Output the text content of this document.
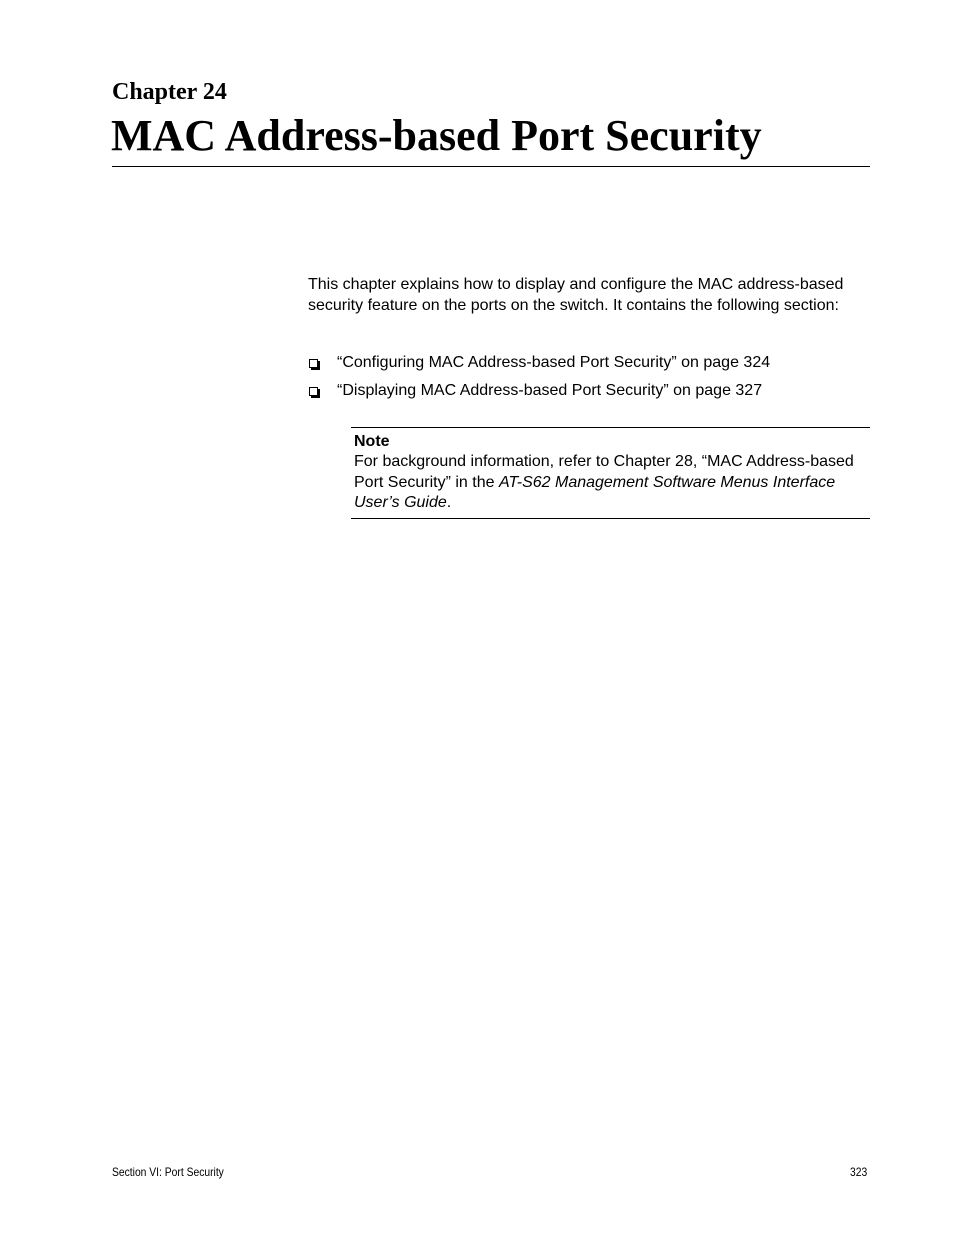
Chapter 24
MAC Address-based Port Security

This chapter explains how to display and configure the MAC address-based security feature on the ports on the switch. It contains the following section:

“Configuring MAC Address-based Port Security” on page 324
“Displaying MAC Address-based Port Security” on page 327

Note

For background information, refer to Chapter 28, “MAC Address-based Port Security” in the AT-S62 Management Software Menus Interface User’s Guide.

Section VI: Port Security	323
